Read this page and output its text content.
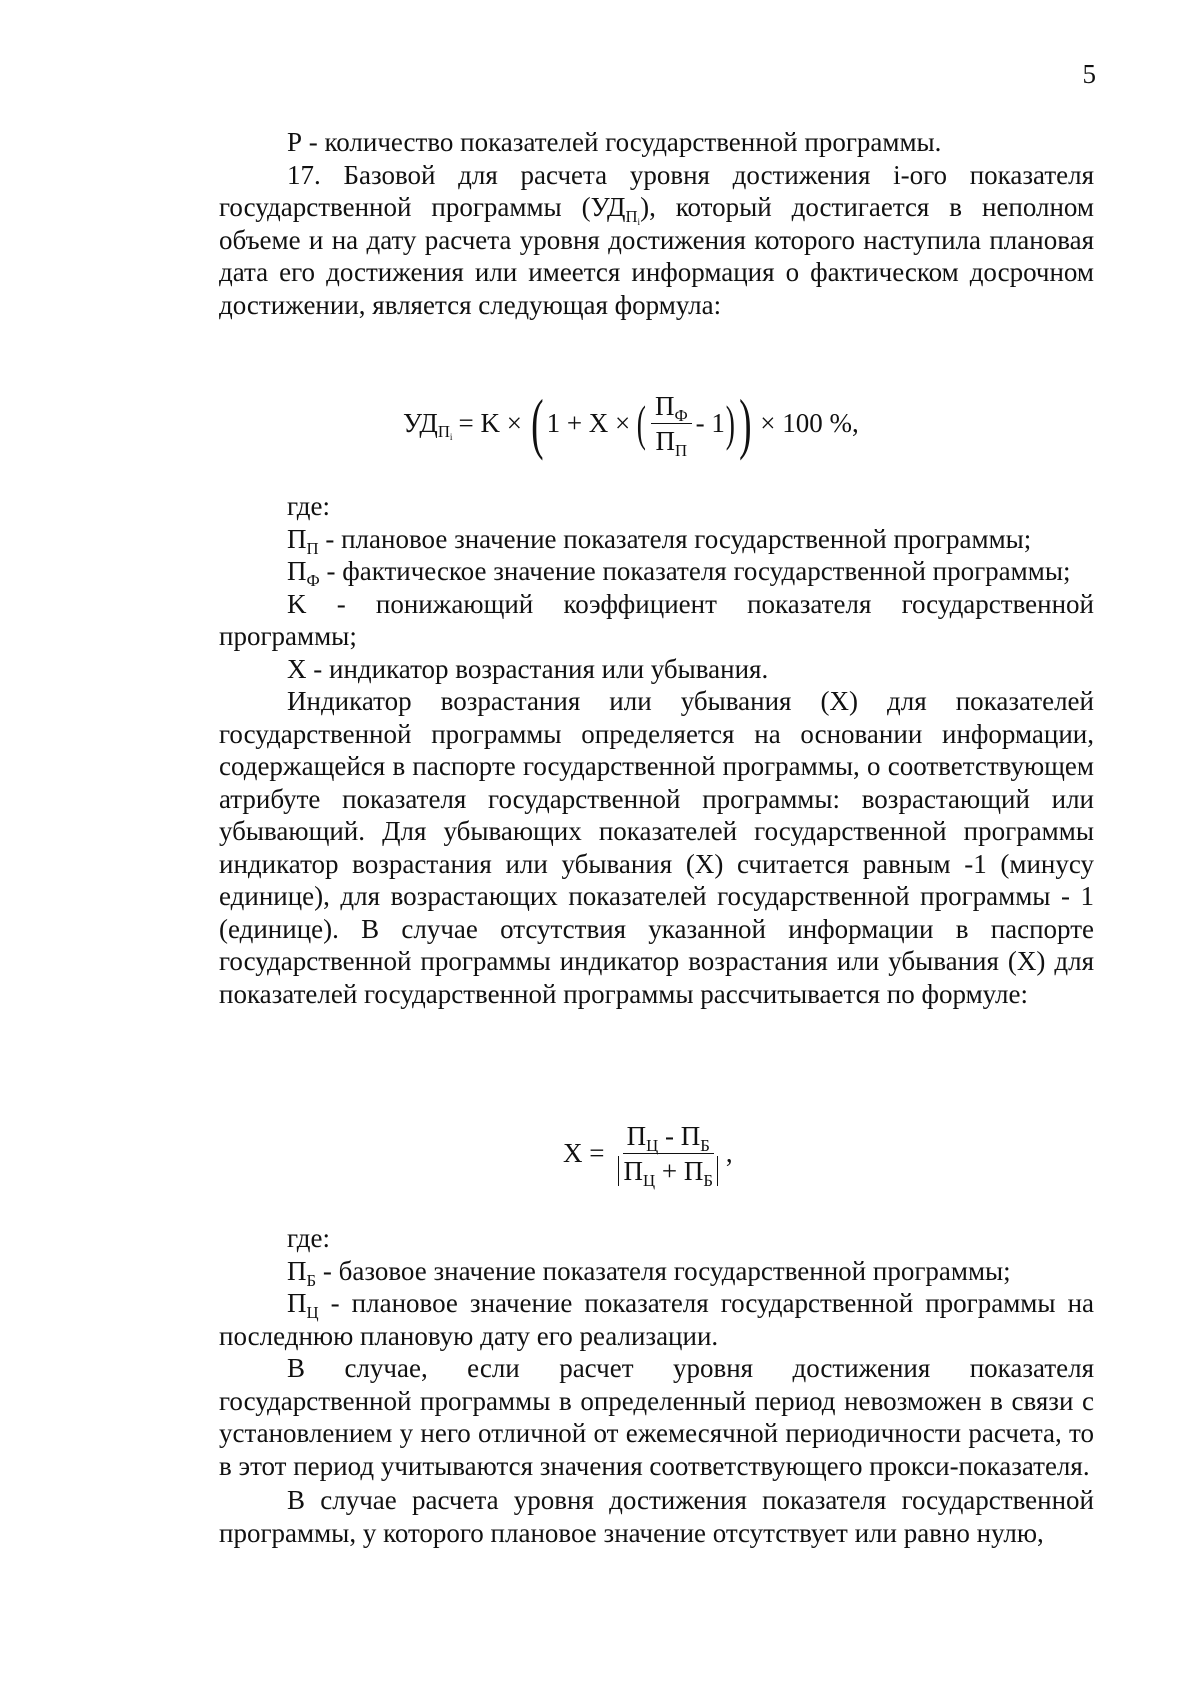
5

Р - количество показателей государственной программы.

17. Базовой для расчета уровня достижения i-ого показателя государственной программы $(УД_{Пi})$, который достигается в неполном объеме и на дату расчета уровня достижения которого наступила плановая дата его достижения или имеется информация о фактическом досрочном достижении, является следующая формула:

$УД_{Пi} = K$ × ( 1 + X × ( $\frac{П_Ф}{П_П} - 1$ ) ) × 100 %,

где:

$П_П$ - плановое значение показателя государственной программы;

$П_Ф$ - фактическое значение показателя государственной программы;

K - понижающий коэффициент показателя государственной программы;

X - индикатор возрастания или убывания.

Индикатор возрастания или убывания (X) для показателей государственной программы определяется на основании информации, содержащейся в паспорте государственной программы, о соответствующем атрибуте показателя государственной программы: возрастающий или убывающий. Для убывающих показателей государственной программы индикатор возрастания или убывания (X) считается равным -1 (минусу единице), для возрастающих показателей государственной программы - 1 (единице). В случае отсутствия указанной информации в паспорте государственной программы индикатор возрастания или убывания (X) для показателей государственной программы рассчитывается по формуле:

$X = \frac{П_Ц - П_Б}{П_Ц + П_Б}$ ,

где:

$П_Б$ - базовое значение показателя государственной программы;

$П_Ц$ - плановое значение показателя государственной программы на последнюю плановую дату его реализации.

В случае, если расчет уровня достижения показателя государственной программы в определенный период невозможен в связи с установлением у него отличной от ежемесячной периодичности расчета, то в этот период учитываются значения соответствующего прокси-показателя.

В случае расчета уровня достижения показателя государственной программы, у которого плановое значение отсутствует или равно нулю,
